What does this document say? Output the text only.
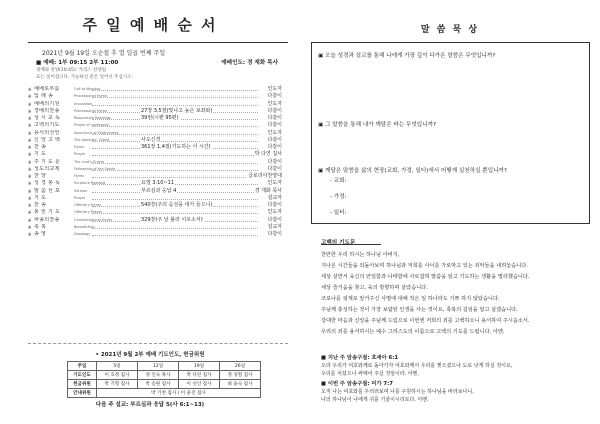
주 일 예 배 순 서
2021년 9월 19일 오순절 후 열 일곱 번째 주일
■ 예배: 1부 09:15 2부 11:00	예배인도: 경 재화 목사
경배와 찬양(10:45): 카리스 찬양팀
표는 일어섭니다. 가능하신 분은 일어서 주십시오.
※ 예배로부름	Call to Worship	인도자
※ 입 례 송	Processional Hymn	다같이
※ 예배의기원	Invocation	인도자
※ 경배의찬송	Processional Hymn	27장 3,5절(빛나고 높은 보좌와)	다같이
※ 성 시 교 독	Responsive Readings	39번(시편 95편)	다같이
※ 고백의기도	Prayer of confession	다같이
※ 용서의선언	Assurance of Forgiveness	인도자
※ 신 앙 고 백	The Apostles' Creed	사도신경	다같이
※ 찬 송	Hymn	361장 1,4절(기도하는 이 시간)	다같이
※ 기 도	Prayer	박 다연 집사
※ 주 기 도 문	The Lord's Prayer	다같이
※ 성도의교제	Fellowship of the Saints	다같이
※ 찬 양	Hymn	글로리아찬양대
※ 성 경 봉 독	Scripture Reading	요엘 3:10~11	인도자
※ 말 씀 선 포	Sermon	부르심과 응답 4	경 재화 목사
※ 기 도	Prayer	설교자
※ 찬 송	Offertory Hymn	540장(주의 음성을 내가 들으니)	다같이
※ 봉 헌 기 도	Offertory Prayer	인도자
※ 파송의찬송	Commissioning Hymn	329장(주 날 불러 이르소서)	다같이
※ 축 복	Benediction	설교자
※ 송 영	Doxology	다같이
• 2021년 9월 2부 예배 기도인도, 헌금위원
주일	5일	12일	19일	26일
기도인도	이 호정 집사	정 인숙 목사	박 다연 집사	정 성렬 집사
헌금위원	박 기형 집사	박 승원 집사	이 선인 집사	최 윤숙 집사
안내위원	박 기천 집사 / 이 윤진 집사			
다음 주 설교: 부르심과 응답 5(사 6:1~13)
말 씀 묵 상
▣ 오늘 성경과 설교를 통해 나에게 가장 깊이 다가온 말씀은 무엇입니까?
▣ 그 말씀을 통해 내가 깨달은 바는 무엇입니까?
▣ 깨달은 말씀을 삶의 현장(교회, 가정, 일터)에서 어떻게 실천하실 뿐입니까?
- 교회:
- 가정:
- 일터:
고백의 기도문
찬란한 우리 하시는 하나님 아버지,
지나온 시간들을 되돌아보며 하나님과 저희를 사이를 가로막고 있는 죄악들을 내려놓습니다.
세상 살면서 육신의 안일함과 나태함에 사로잡혀 말씀을 읽고 기도하는 생활을 멀리했습니다.
세상 즐거움을 찾고, 육의 방향하며 살았습니다.
코로나를 핑계로 앞거주신 사명에 대해 작은 일 하나라도 기쁘 하지 않았습니다.
주님께 충성하는 것이 가장 보람된 인생을 사는 것이요, 축복의 길임을 알고 살겠습니다.
강대한 마음과 신앙을 주님께 드림으로 이번엔 저희의 죄를 고백하오니 용서하여 주시옵소서.
우리의 죄를 용서하시는 예수 그리스도의 이름으로 고백의 기도를 드립니다. 아멘.
■ 지난 주 암송구절: 호세아 6:1
오라 우리가 여호와께로 돌아가자 여호와께서 우리를 찢으셨으나 도로 낫게 하실 것이요,
우리를 치셨으나 싸매어 주실 것임이라. 아멘.
■ 이번 주 암송구절: 미가 7:7
오직 나는 여호와를 우러러보며 나를 구원하시는 하나님을 바라보나니,
나의 하나님이 나에게 귀를 기울이시리로다. 아멘.
